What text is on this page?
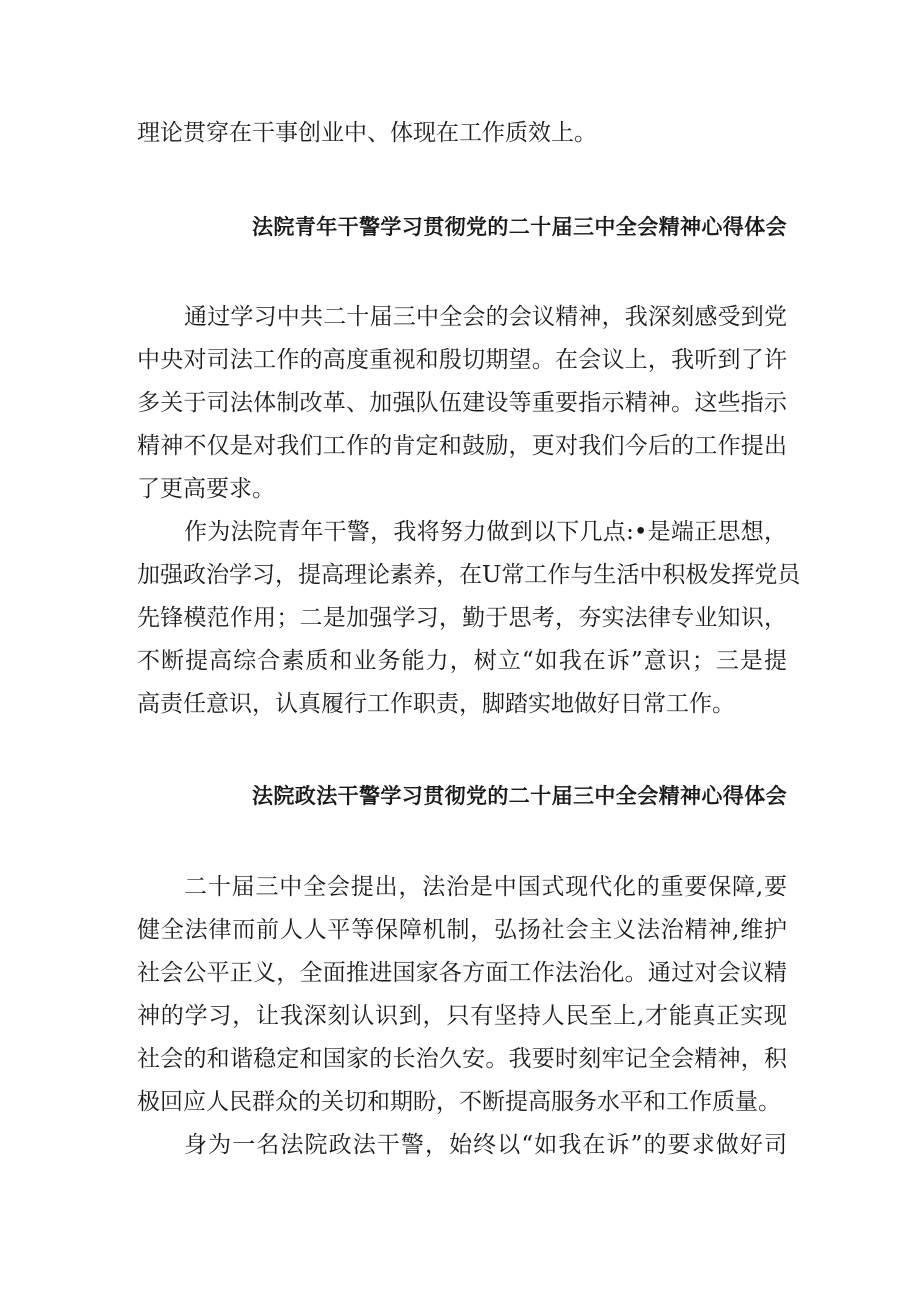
理论贯穿在干事创业中、体现在工作质效上。
法院青年干警学习贯彻党的二十届三中全会精神心得体会
通过学习中共二十届三中全会的会议精神，我深刻感受到党
中央对司法工作的高度重视和殷切期望。在会议上，我听到了许
多关于司法体制改革、加强队伍建设等重要指示精神。这些指示
精神不仅是对我们工作的肯定和鼓励，更对我们今后的工作提出
了更高要求。
作为法院青年干警，我将努力做到以下几点:•是端正思想，
加强政治学习，提高理论素养，在U常工作与生活中积极发挥党员
先锋模范作用；二是加强学习，勤于思考，夯实法律专业知识，
不断提高综合素质和业务能力，树立“如我在诉”意识；三是提
高责任意识，认真履行工作职责，脚踏实地做好日常工作。
法院政法干警学习贯彻党的二十届三中全会精神心得体会
二十届三中全会提出，法治是中国式现代化的重要保障,要
健全法律而前人人平等保障机制，弘扬社会主义法治精神,维护
社会公平正义，全面推进国家各方面工作法治化。通过对会议精
神的学习，让我深刻认识到，只有坚持人民至上,才能真正实现
社会的和谐稳定和国家的长治久安。我要时刻牢记全会精神，积
极回应人民群众的关切和期盼，不断提高服务水平和工作质量。
身为一名法院政法干警，始终以“如我在诉”的要求做好司
